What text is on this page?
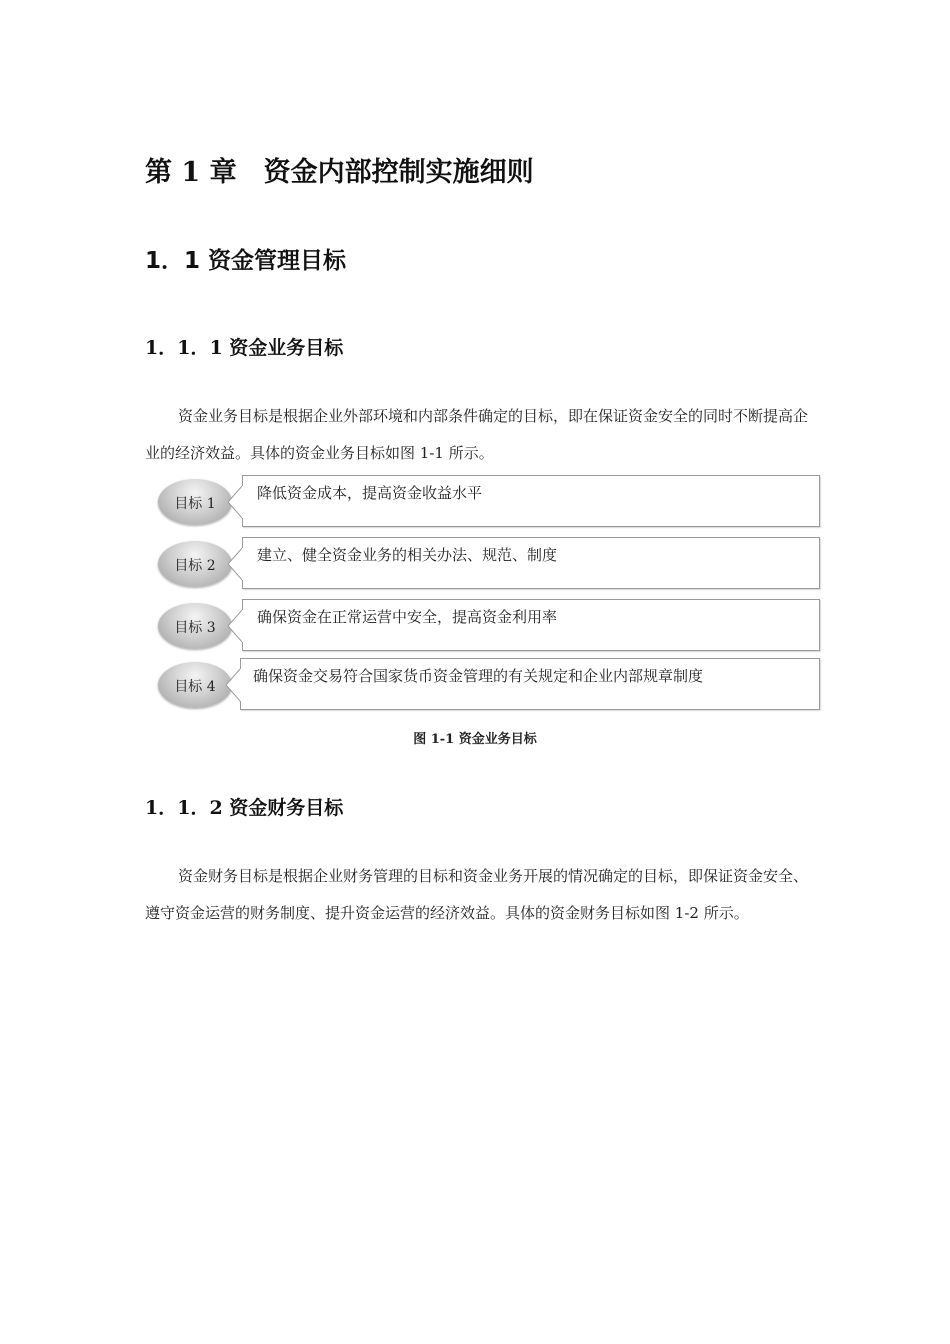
第 1 章　资金内部控制实施细则
1．1 资金管理目标
1．1．1 资金业务目标
资金业务目标是根据企业外部环境和内部条件确定的目标，即在保证资金安全的同时不断提高企业的经济效益。具体的资金业务目标如图 1-1 所示。
降低资金成本，提高资金收益水平
目标 1
建立、健全资金业务的相关办法、规范、制度
目标 2
确保资金在正常运营中安全，提高资金利用率
目标 3
确保资金交易符合国家货币资金管理的有关规定和企业内部规章制度
目标 4
图 1-1 资金业务目标
1．1．2 资金财务目标
资金财务目标是根据企业财务管理的目标和资金业务开展的情况确定的目标，即保证资金安全、遵守资金运营的财务制度、提升资金运营的经济效益。具体的资金财务目标如图 1-2 所示。
